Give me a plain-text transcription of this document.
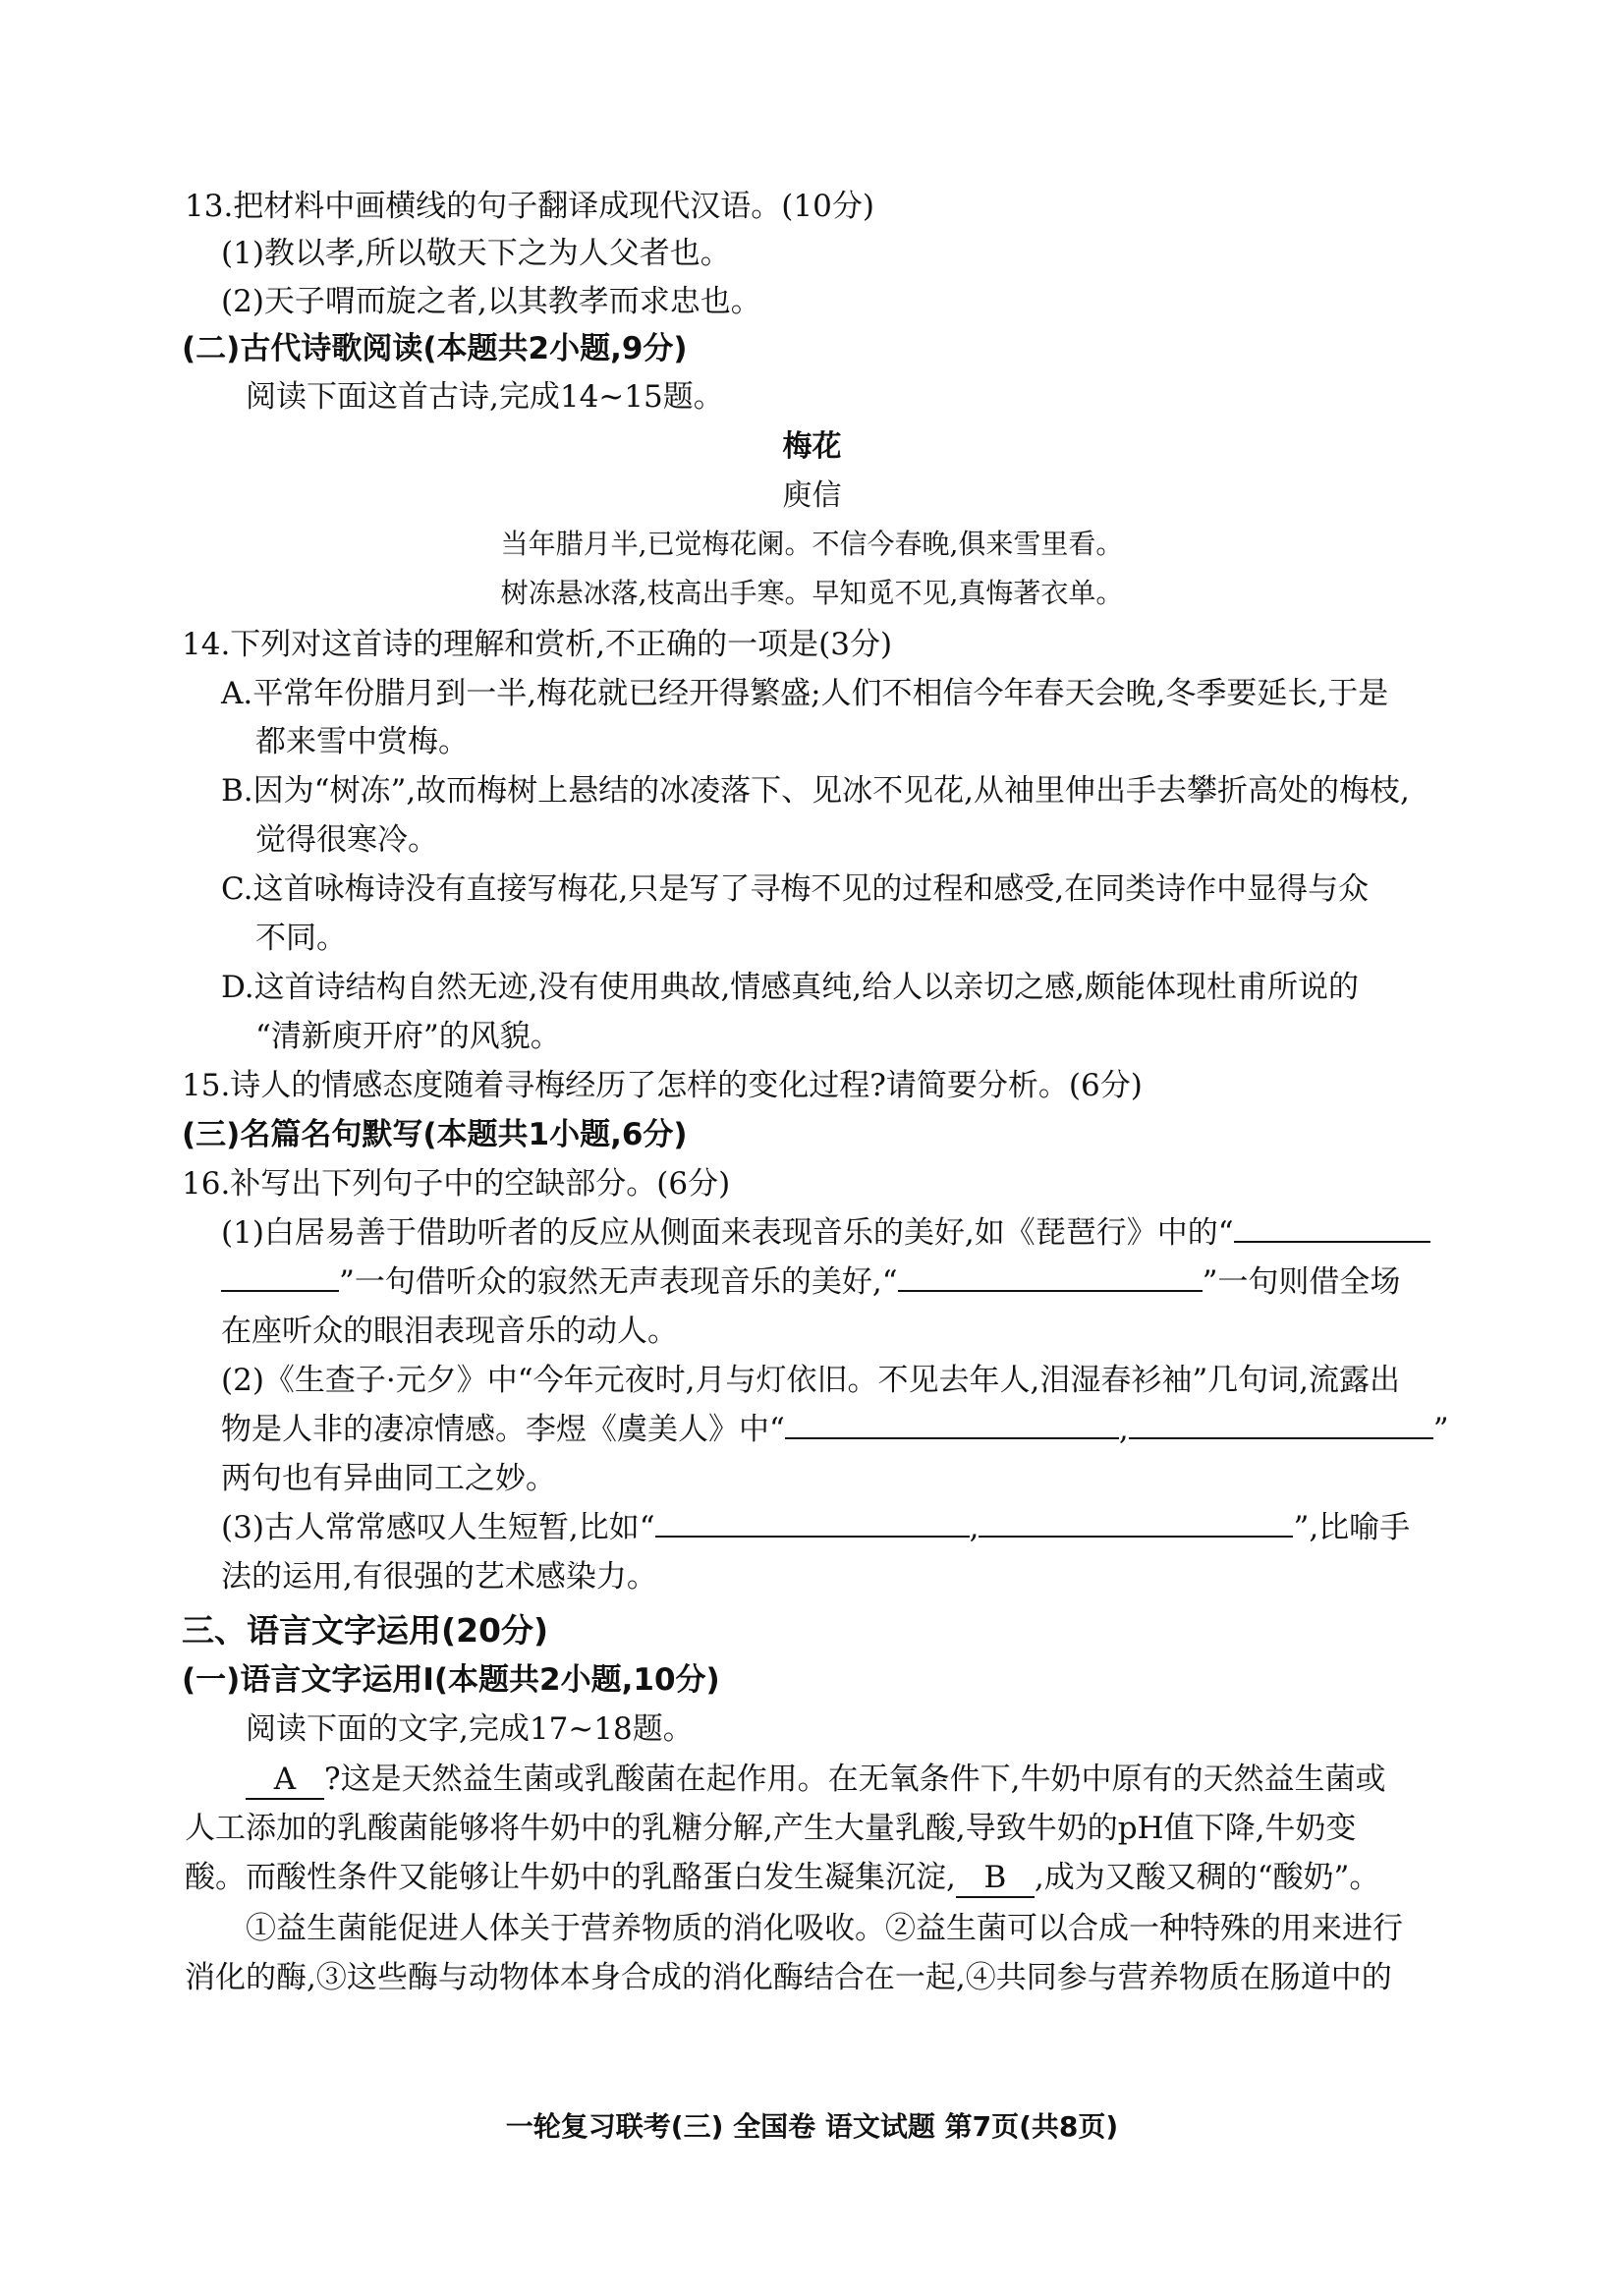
13.把材料中画横线的句子翻译成现代汉语。(10分)
(1)教以孝,所以敬天下之为人父者也。
(2)天子喟而旋之者,以其教孝而求忠也。
(二)古代诗歌阅读(本题共2小题,9分)
阅读下面这首古诗,完成14~15题。
梅花
庾信
当年腊月半,已觉梅花阑。不信今春晚,俱来雪里看。
树冻悬冰落,枝高出手寒。早知觅不见,真悔著衣单。
14.下列对这首诗的理解和赏析,不正确的一项是(3分)
A.平常年份腊月到一半,梅花就已经开得繁盛;人们不相信今年春天会晚,冬季要延长,于是
都来雪中赏梅。
B.因为“树冻”,故而梅树上悬结的冰凌落下、见冰不见花,从袖里伸出手去攀折高处的梅枝,
觉得很寒冷。
C.这首咏梅诗没有直接写梅花,只是写了寻梅不见的过程和感受,在同类诗作中显得与众
不同。
D.这首诗结构自然无迹,没有使用典故,情感真纯,给人以亲切之感,颇能体现杜甫所说的
“清新庾开府”的风貌。
15.诗人的情感态度随着寻梅经历了怎样的变化过程?请简要分析。(6分)
(三)名篇名句默写(本题共1小题,6分)
16.补写出下列句子中的空缺部分。(6分)
(1)白居易善于借助听者的反应从侧面来表现音乐的美好,如《琵琶行》中的“
”一句借听众的寂然无声表现音乐的美好,“	”一句则借全场
在座听众的眼泪表现音乐的动人。
(2)《生查子·元夕》中“今年元夜时,月与灯依旧。不见去年人,泪湿春衫袖”几句词,流露出
物是人非的凄凉情感。李煜《虞美人》中“	,	”
两句也有异曲同工之妙。
(3)古人常常感叹人生短暂,比如“	,	”,比喻手
法的运用,有很强的艺术感染力。
三、语言文字运用(20分)
(一)语言文字运用Ⅰ(本题共2小题,10分)
阅读下面的文字,完成17~18题。
A ?这是天然益生菌或乳酸菌在起作用。在无氧条件下,牛奶中原有的天然益生菌或
人工添加的乳酸菌能够将牛奶中的乳糖分解,产生大量乳酸,导致牛奶的pH值下降,牛奶变
酸。而酸性条件又能够让牛奶中的乳酪蛋白发生凝集沉淀, B ,成为又酸又稠的“酸奶”。
①益生菌能促进人体关于营养物质的消化吸收。②益生菌可以合成一种特殊的用来进行
消化的酶,③这些酶与动物体本身合成的消化酶结合在一起,④共同参与营养物质在肠道中的
一轮复习联考(三) 全国卷 语文试题 第7页(共8页)
